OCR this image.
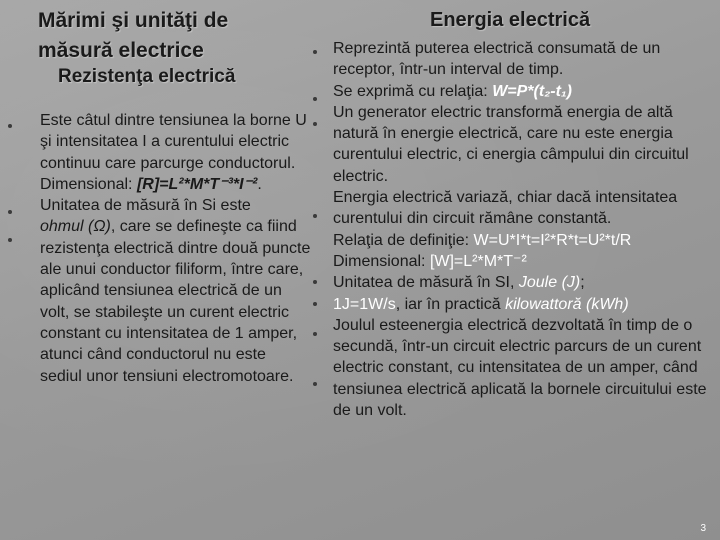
Mărimi şi unităţi de măsură electrice
Rezistenţa electrică

Este câtul dintre tensiunea la borne U şi intensitatea I a curentului electric continuu care parcurge conductorul.

Dimensional: [R]=L²*M*T⁻³*I⁻².

Unitatea de măsură în Si este

ohmul (Ω), care se defineşte ca fiind rezistenţa electrică dintre două puncte ale unui conductor filiform, între care, aplicând tensiunea electrică de un volt, se stabileşte un curent electric constant cu intensitatea de 1 amper, atunci când conductorul nu este sediul unor tensiuni electromotoare.

Energia electrică

Reprezintă puterea electrică consumată de un receptor, într-un interval de timp.

Se exprimă cu relaţia: W=P*(t₂-t₁)

Un generator electric transformă energia de altă natură în energie electrică, care nu este energia curentului electric, ci energia câmpului din circuitul electric.

Energia electrică variază, chiar dacă intensitatea curentului din circuit rămâne constantă.

Relaţia de definiţie: W=U*I*t=I²*R*t=U²*t/R

Dimensional: [W]=L²*M*T⁻²

Unitatea de măsură în SI, Joule (J);
1J=1W/s, iar în practică kilowattoră (kWh)

Joulul esteenergia electrică dezvoltată în timp de o secundă, într-un circuit electric parcurs de un curent electric constant, cu intensitatea de un amper, când tensiunea electrică aplicată la bornele circuitului este de un volt.

3
